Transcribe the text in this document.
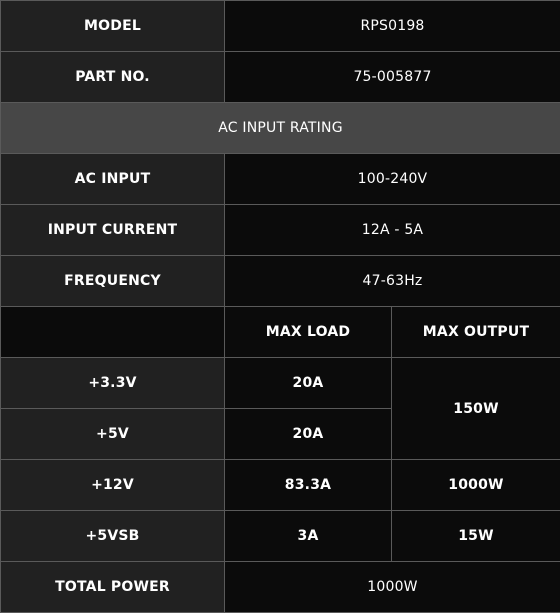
MODEL	RPS0198	
PART NO.	75-005877	
AC INPUT RATING		
AC INPUT	100-240V	
INPUT CURRENT	12A - 5A	
FREQUENCY	47-63Hz	
	MAX LOAD	MAX OUTPUT
+3.3V	20A	150W
+5V	20A	
+12V	83.3A	1000W
+5VSB	3A	15W
TOTAL POWER	1000W	
